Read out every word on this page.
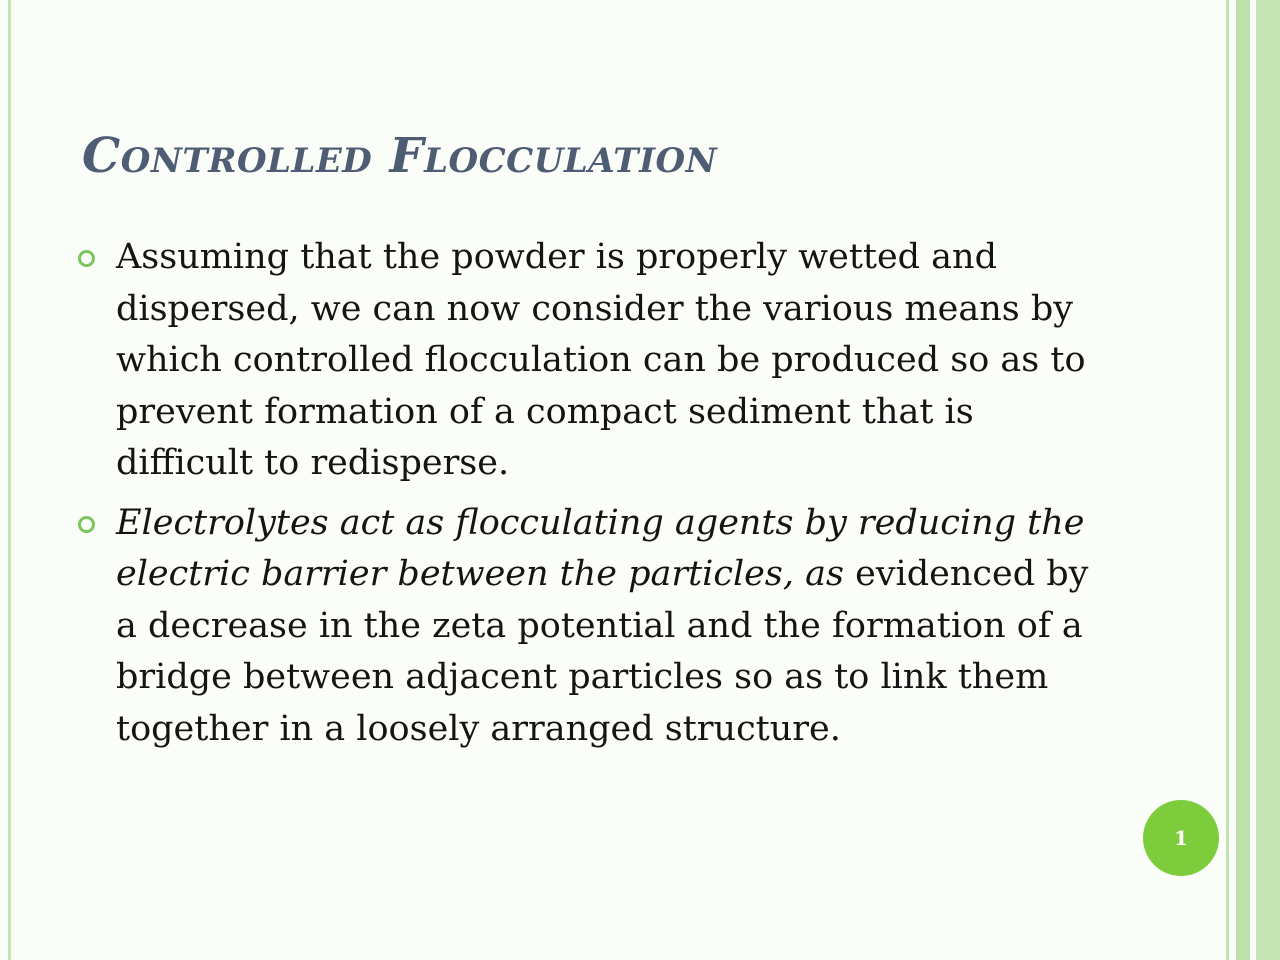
Controlled Flocculation
Assuming that the powder is properly wetted and dispersed, we can now consider the various means by which controlled flocculation can be produced so as to prevent formation of a compact sediment that is difficult to redisperse.
Electrolytes act as flocculating agents by reducing the electric barrier between the particles, as evidenced by a decrease in the zeta potential and the formation of a bridge between adjacent particles so as to link them together in a loosely arranged structure.
1
